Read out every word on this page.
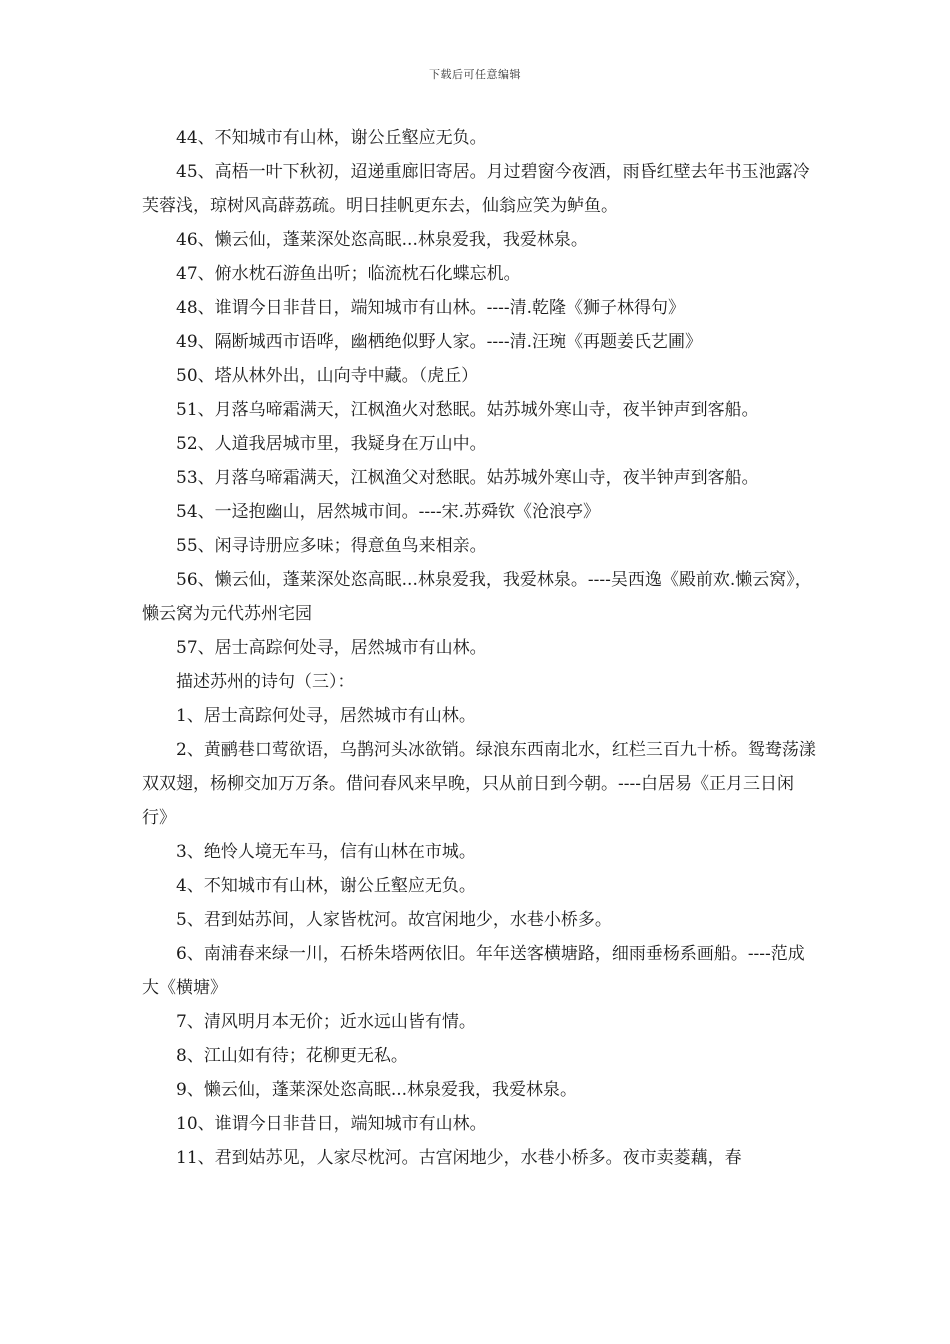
下载后可任意编辑

44、不知城市有山林，谢公丘壑应无负。

45、高梧一叶下秋初，迢递重廊旧寄居。月过碧窗今夜酒，雨昏红壁去年书玉池露冷芙蓉浅，琼树风高薜荔疏。明日挂帆更东去，仙翁应笑为鲈鱼。

46、懒云仙，蓬莱深处恣高眠...林泉爱我，我爱林泉。

47、俯水枕石游鱼出听；临流枕石化蝶忘机。

48、谁谓今日非昔日，端知城市有山林。----清.乾隆《狮子林得句》

49、隔断城西市语哗，幽栖绝似野人家。----清.汪琬《再题姜氏艺圃》

50、塔从林外出，山向寺中藏。（虎丘）

51、月落乌啼霜满天，江枫渔火对愁眠。姑苏城外寒山寺，夜半钟声到客船。

52、人道我居城市里，我疑身在万山中。

53、月落乌啼霜满天，江枫渔父对愁眠。姑苏城外寒山寺，夜半钟声到客船。

54、一迳抱幽山，居然城市间。----宋.苏舜钦《沧浪亭》

55、闲寻诗册应多味；得意鱼鸟来相亲。

56、懒云仙，蓬莱深处恣高眠...林泉爱我，我爱林泉。----吴西逸《殿前欢.懒云窝》，懒云窝为元代苏州宅园

57、居士高踪何处寻，居然城市有山林。

描述苏州的诗句（三）：

1、居士高踪何处寻，居然城市有山林。

2、黄鹂巷口莺欲语，乌鹊河头冰欲销。绿浪东西南北水，红栏三百九十桥。鸳鸯荡漾双双翅，杨柳交加万万条。借问春风来早晚，只从前日到今朝。----白居易《正月三日闲行》

3、绝怜人境无车马，信有山林在市城。

4、不知城市有山林，谢公丘壑应无负。

5、君到姑苏间，人家皆枕河。故宫闲地少，水巷小桥多。

6、南浦春来绿一川，石桥朱塔两依旧。年年送客横塘路，细雨垂杨系画船。----范成大《横塘》

7、清风明月本无价；近水远山皆有情。

8、江山如有待；花柳更无私。

9、懒云仙，蓬莱深处恣高眠...林泉爱我，我爱林泉。

10、谁谓今日非昔日，端知城市有山林。

11、君到姑苏见，人家尽枕河。古宫闲地少，水巷小桥多。夜市卖菱藕，春
